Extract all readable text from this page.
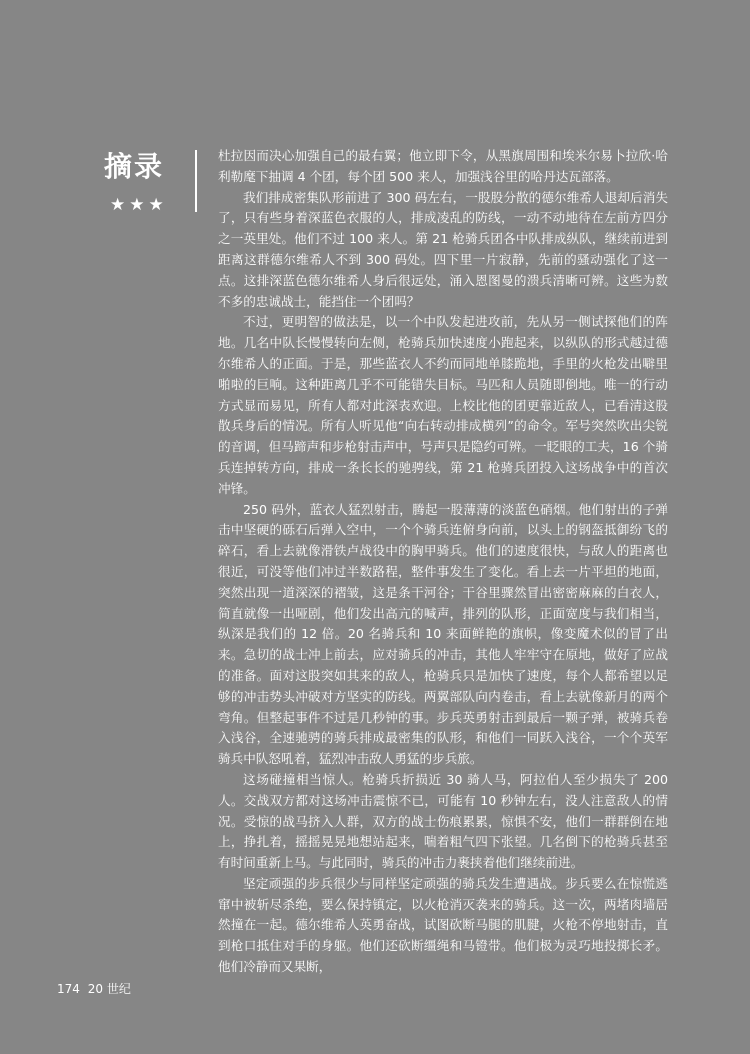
摘录
★★★

杜拉因而决心加强自己的最右翼；他立即下令，从黑旗周围和埃米尔易卜拉欣·哈利勒麾下抽调 4 个团，每个团 500 来人，加强浅谷里的哈丹达瓦部落。

我们排成密集队形前进了 300 码左右，一股股分散的德尔维希人退却后消失了，只有些身着深蓝色衣服的人，排成凌乱的防线，一动不动地待在左前方四分之一英里处。他们不过 100 来人。第 21 枪骑兵团各中队排成纵队，继续前进到距离这群德尔维希人不到 300 码处。四下里一片寂静，先前的骚动强化了这一点。这排深蓝色德尔维希人身后很远处，涌入恩图曼的溃兵清晰可辨。这些为数不多的忠诚战士，能挡住一个团吗？

不过，更明智的做法是，以一个中队发起进攻前，先从另一侧试探他们的阵地。几名中队长慢慢转向左侧，枪骑兵加快速度小跑起来，以纵队的形式越过德尔维希人的正面。于是，那些蓝衣人不约而同地单膝跪地，手里的火枪发出噼里啪啦的巨响。这种距离几乎不可能错失目标。马匹和人员随即倒地。唯一的行动方式显而易见，所有人都对此深表欢迎。上校比他的团更靠近敌人，已看清这股散兵身后的情况。所有人听见他“向右转动排成横列”的命令。军号突然吹出尖锐的音调，但马蹄声和步枪射击声中，号声只是隐约可辨。一眨眼的工夫，16 个骑兵连掉转方向，排成一条长长的驰骋线，第 21 枪骑兵团投入这场战争中的首次冲锋。

250 码外，蓝衣人猛烈射击，腾起一股薄薄的淡蓝色硝烟。他们射出的子弹击中坚硬的砾石后弹入空中，一个个骑兵连俯身向前，以头上的钢盔抵御纷飞的碎石，看上去就像滑铁卢战役中的胸甲骑兵。他们的速度很快，与敌人的距离也很近，可没等他们冲过半数路程，整件事发生了变化。看上去一片平坦的地面，突然出现一道深深的褶皱，这是条干河谷；干谷里骤然冒出密密麻麻的白衣人，简直就像一出哑剧，他们发出高亢的喊声，排列的队形，正面宽度与我们相当，纵深是我们的 12 倍。20 名骑兵和 10 来面鲜艳的旗帜，像变魔术似的冒了出来。急切的战士冲上前去，应对骑兵的冲击，其他人牢牢守在原地，做好了应战的准备。面对这股突如其来的敌人，枪骑兵只是加快了速度，每个人都希望以足够的冲击势头冲破对方坚实的防线。两翼部队向内卷击，看上去就像新月的两个弯角。但整起事件不过是几秒钟的事。步兵英勇射击到最后一颗子弹，被骑兵卷入浅谷，全速驰骋的骑兵排成最密集的队形，和他们一同跃入浅谷，一个个英军骑兵中队怒吼着，猛烈冲击敌人勇猛的步兵旅。

这场碰撞相当惊人。枪骑兵折损近 30 骑人马，阿拉伯人至少损失了 200 人。交战双方都对这场冲击震惊不已，可能有 10 秒钟左右，没人注意敌人的情况。受惊的战马挤入人群，双方的战士伤痕累累，惊惧不安，他们一群群倒在地上，挣扎着，摇摇晃晃地想站起来，喘着粗气四下张望。几名倒下的枪骑兵甚至有时间重新上马。与此同时，骑兵的冲击力裹挟着他们继续前进。

坚定顽强的步兵很少与同样坚定顽强的骑兵发生遭遇战。步兵要么在惊慌逃窜中被斩尽杀绝，要么保持镇定，以火枪消灭袭来的骑兵。这一次，两堵肉墙居然撞在一起。德尔维希人英勇奋战，试图砍断马腿的肌腱，火枪不停地射击，直到枪口抵住对手的身躯。他们还砍断缰绳和马镫带。他们极为灵巧地投掷长矛。他们冷静而又果断，

174 20 世纪
